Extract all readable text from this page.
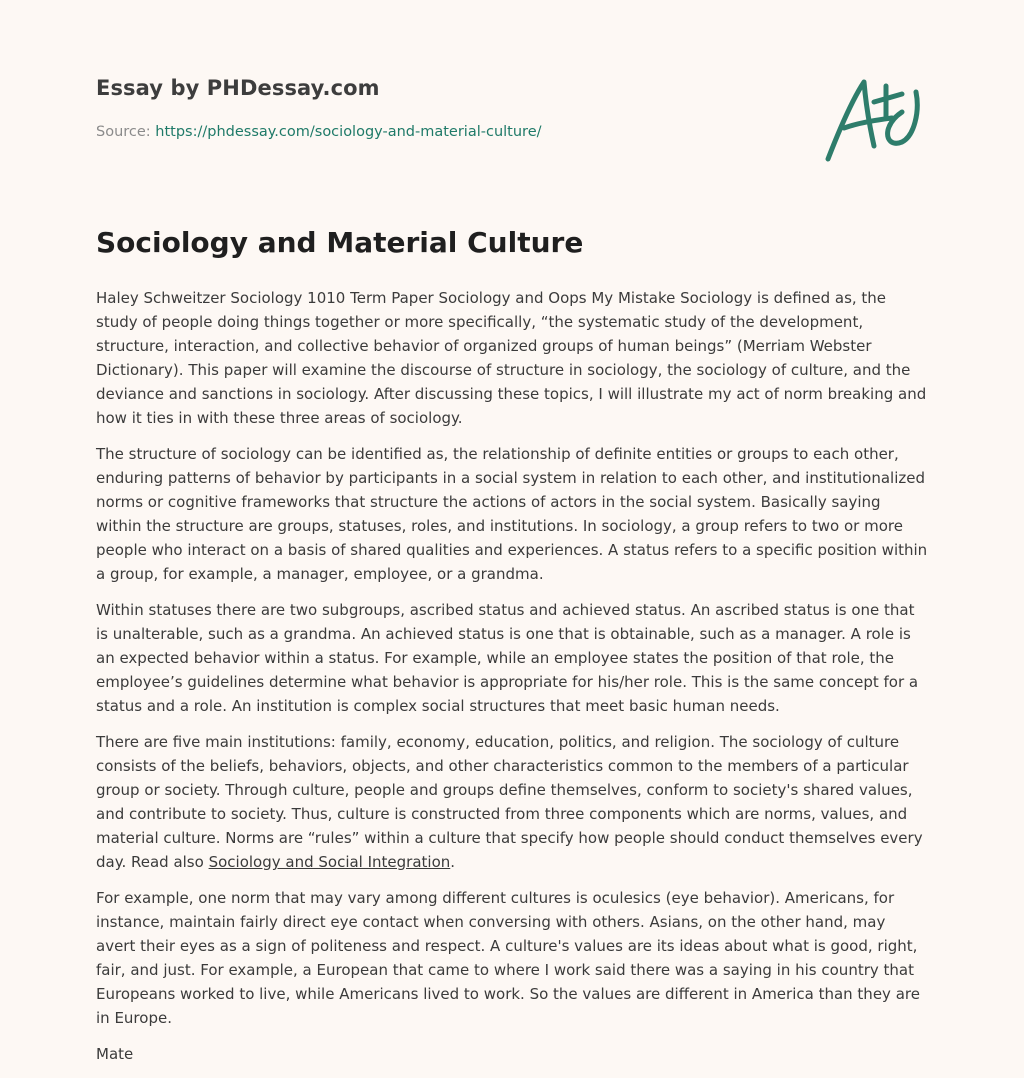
Essay by PHDessay.com

Source: https://phdessay.com/sociology-and-material-culture/

Sociology and Material Culture

Haley Schweitzer Sociology 1010 Term Paper Sociology and Oops My Mistake Sociology is defined as, the study of people doing things together or more specifically, “the systematic study of the development, structure, interaction, and collective behavior of organized groups of human beings” (Merriam Webster Dictionary). This paper will examine the discourse of structure in sociology, the sociology of culture, and the deviance and sanctions in sociology. After discussing these topics, I will illustrate my act of norm breaking and how it ties in with these three areas of sociology.

The structure of sociology can be identified as, the relationship of definite entities or groups to each other, enduring patterns of behavior by participants in a social system in relation to each other, and institutionalized norms or cognitive frameworks that structure the actions of actors in the social system. Basically saying within the structure are groups, statuses, roles, and institutions. In sociology, a group refers to two or more people who interact on a basis of shared qualities and experiences. A status refers to a specific position within a group, for example, a manager, employee, or a grandma.

Within statuses there are two subgroups, ascribed status and achieved status. An ascribed status is one that is unalterable, such as a grandma. An achieved status is one that is obtainable, such as a manager. A role is an expected behavior within a status. For example, while an employee states the position of that role, the employee’s guidelines determine what behavior is appropriate for his/her role. This is the same concept for a status and a role. An institution is complex social structures that meet basic human needs.

There are five main institutions: family, economy, education, politics, and religion. The sociology of culture consists of the beliefs, behaviors, objects, and other characteristics common to the members of a particular group or society. Through culture, people and groups define themselves, conform to society's shared values, and contribute to society. Thus, culture is constructed from three components which are norms, values, and material culture. Norms are “rules” within a culture that specify how people should conduct themselves every day. Read also Sociology and Social Integration.

For example, one norm that may vary among different cultures is oculesics (eye behavior). Americans, for instance, maintain fairly direct eye contact when conversing with others. Asians, on the other hand, may avert their eyes as a sign of politeness and respect. A culture's values are its ideas about what is good, right, fair, and just. For example, a European that came to where I work said there was a saying in his country that Europeans worked to live, while Americans lived to work. So the values are different in America than they are in Europe.

Mate
